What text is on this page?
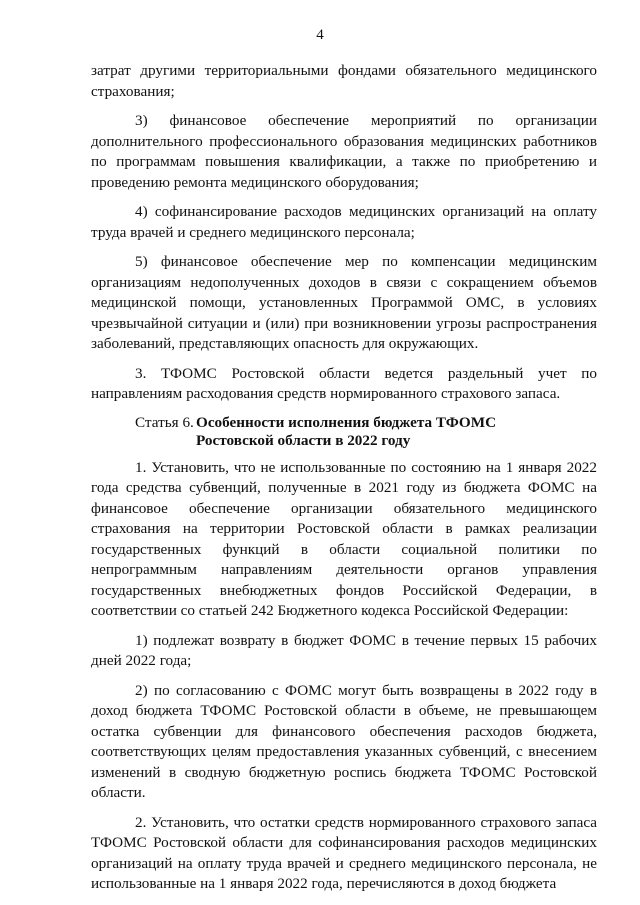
4

затрат другими территориальными фондами обязательного медицинского страхования;

3) финансовое обеспечение мероприятий по организации дополнительного профессионального образования медицинских работников по программам повышения квалификации, а также по приобретению и проведению ремонта медицинского оборудования;

4) софинансирование расходов медицинских организаций на оплату труда врачей и среднего медицинского персонала;

5) финансовое обеспечение мер по компенсации медицинским организациям недополученных доходов в связи с сокращением объемов медицинской помощи, установленных Программой ОМС, в условиях чрезвычайной ситуации и (или) при возникновении угрозы распространения заболеваний, представляющих опасность для окружающих.

3. ТФОМС Ростовской области ведется раздельный учет по направлениям расходования средств нормированного страхового запаса.

Статья 6. Особенности исполнения бюджета ТФОМС
Ростовской области в 2022 году

1. Установить, что не использованные по состоянию на 1 января 2022 года средства субвенций, полученные в 2021 году из бюджета ФОМС на финансовое обеспечение организации обязательного медицинского страхования на территории Ростовской области в рамках реализации государственных функций в области социальной политики по непрограммным направлениям деятельности органов управления государственных внебюджетных фондов Российской Федерации, в соответствии со статьей 242 Бюджетного кодекса Российской Федерации:

1) подлежат возврату в бюджет ФОМС в течение первых 15 рабочих дней 2022 года;

2) по согласованию с ФОМС могут быть возвращены в 2022 году в доход бюджета ТФОМС Ростовской области в объеме, не превышающем остатка субвенции для финансового обеспечения расходов бюджета, соответствующих целям предоставления указанных субвенций, с внесением изменений в сводную бюджетную роспись бюджета ТФОМС Ростовской области.

2. Установить, что остатки средств нормированного страхового запаса ТФОМС Ростовской области для софинансирования расходов медицинских организаций на оплату труда врачей и среднего медицинского персонала, не использованные на 1 января 2022 года, перечисляются в доход бюджета
